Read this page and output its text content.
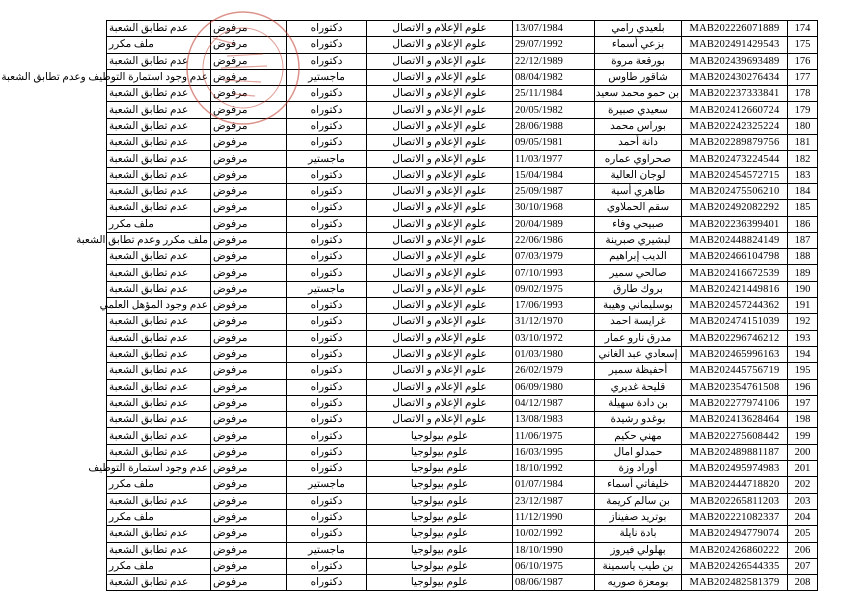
عدم تطابق الشعبة	مرفوض	دكتوراه	علوم الإعلام و الاتصال	13/07/1984	بلعيدي رامي	MAB202226071889	174
ملف مكرر	مرفوض	دكتوراه	علوم الإعلام و الاتصال	29/07/1992	بزعي أسماء	MAB202491429543	175
عدم تطابق الشعبة	مرفوض	دكتوراه	علوم الإعلام و الاتصال	22/12/1989	بورقعة مروة	MAB202439693489	176
عدم وجود استمارة التوظيف وعدم تطابق الشعبة	مرفوض	ماجستير	علوم الإعلام و الاتصال	08/04/1982	شاقور طاوس	MAB202430276434	177
عدم تطابق الشعبة	مرفوض	دكتوراه	علوم الإعلام و الاتصال	25/11/1984	بن حمو محمد سعيد	MAB202237333841	178
عدم تطابق الشعبة	مرفوض	دكتوراه	علوم الإعلام و الاتصال	20/05/1982	سعيدي صبيرة	MAB202412660724	179
عدم تطابق الشعبة	مرفوض	دكتوراه	علوم الإعلام و الاتصال	28/06/1988	بوراس محمد	MAB202242325224	180
عدم تطابق الشعبة	مرفوض	دكتوراه	علوم الإعلام و الاتصال	09/05/1981	دانة أحمد	MAB202289879756	181
عدم تطابق الشعبة	مرفوض	ماجستير	علوم الإعلام و الاتصال	11/03/1977	صحراوي عماره	MAB202473224544	182
عدم تطابق الشعبة	مرفوض	دكتوراه	علوم الإعلام و الاتصال	15/04/1984	لوجان العالية	MAB202454572715	183
عدم تطابق الشعبة	مرفوض	دكتوراه	علوم الإعلام و الاتصال	25/09/1987	طاهري أسية	MAB202475506210	184
عدم تطابق الشعبة	مرفوض	دكتوراه	علوم الإعلام و الاتصال	30/10/1968	سقم الحملاوي	MAB202492082292	185
ملف مكرر	مرفوض	دكتوراه	علوم الإعلام و الاتصال	20/04/1989	صبيحي وفاء	MAB202236399401	186
ملف مكرر وعدم تطابق الشعبة	مرفوض	دكتوراه	علوم الإعلام و الاتصال	22/06/1986	لبشيري صبرينة	MAB202448824149	187
عدم تطابق الشعبة	مرفوض	دكتوراه	علوم الإعلام و الاتصال	07/03/1979	الديب إبراهيم	MAB202466104798	188
عدم تطابق الشعبة	مرفوض	دكتوراه	علوم الإعلام و الاتصال	07/10/1993	صالحي سمير	MAB202416672539	189
عدم تطابق الشعبة	مرفوض	ماجستير	علوم الإعلام و الاتصال	09/02/1975	بروك طارق	MAB202421449816	190
عدم وجود المؤهل العلمي	مرفوض	دكتوراه	علوم الإعلام و الاتصال	17/06/1993	بوسليماني وهيبة	MAB202457244362	191
عدم تطابق الشعبة	مرفوض	دكتوراه	علوم الإعلام و الاتصال	31/12/1970	غرايسة احمد	MAB202474151039	192
عدم تطابق الشعبة	مرفوض	دكتوراه	علوم الإعلام و الاتصال	03/10/1972	مدرق نارو عمار	MAB202296746212	193
عدم تطابق الشعبة	مرفوض	دكتوراه	علوم الإعلام و الاتصال	01/03/1980	إسعادي عبد الغاني	MAB202465996163	194
عدم تطابق الشعبة	مرفوض	دكتوراه	علوم الإعلام و الاتصال	26/02/1979	أحفيظة سمير	MAB202445756719	195
عدم تطابق الشعبة	مرفوض	دكتوراه	علوم الإعلام و الاتصال	06/09/1980	قليحة غديري	MAB202354761508	196
عدم تطابق الشعبة	مرفوض	دكتوراه	علوم الإعلام و الاتصال	04/12/1987	بن دادة سهيلة	MAB202277974106	197
عدم تطابق الشعبة	مرفوض	دكتوراه	علوم الإعلام و الاتصال	13/08/1983	بوغدو رشيدة	MAB202413628464	198
عدم تطابق الشعبة	مرفوض	دكتوراه	علوم بيولوجيا	11/06/1975	مهني حكيم	MAB202275608442	199
عدم تطابق الشعبة	مرفوض	دكتوراه	علوم بيولوجيا	16/03/1995	حمدلو امال	MAB202489881187	200
عدم وجود استمارة التوظيف	مرفوض	دكتوراه	علوم بيولوجيا	18/10/1992	أوراد وزة	MAB202495974983	201
ملف مكرر	مرفوض	ماجستير	علوم بيولوجيا	01/07/1984	خليفاتي أسماء	MAB202444718820	202
عدم تطابق الشعبة	مرفوض	دكتوراه	علوم بيولوجيا	23/12/1987	بن سالم كريمة	MAB202265811203	203
ملف مكرر	مرفوض	دكتوراه	علوم بيولوجيا	11/12/1990	بوتريد صفيناز	MAB202221082337	204
عدم تطابق الشعبة	مرفوض	دكتوراه	علوم بيولوجيا	10/02/1992	بادة نايلة	MAB202494779074	205
عدم تطابق الشعبة	مرفوض	ماجستير	علوم بيولوجيا	18/10/1990	بهلولي فيروز	MAB202426860222	206
ملف مكرر	مرفوض	دكتوراه	علوم بيولوجيا	06/10/1975	بن طيب ياسمينة	MAB202426544335	207
عدم تطابق الشعبة	مرفوض	دكتوراه	علوم بيولوجيا	08/06/1987	بومعزة صوريه	MAB202482581379	208
